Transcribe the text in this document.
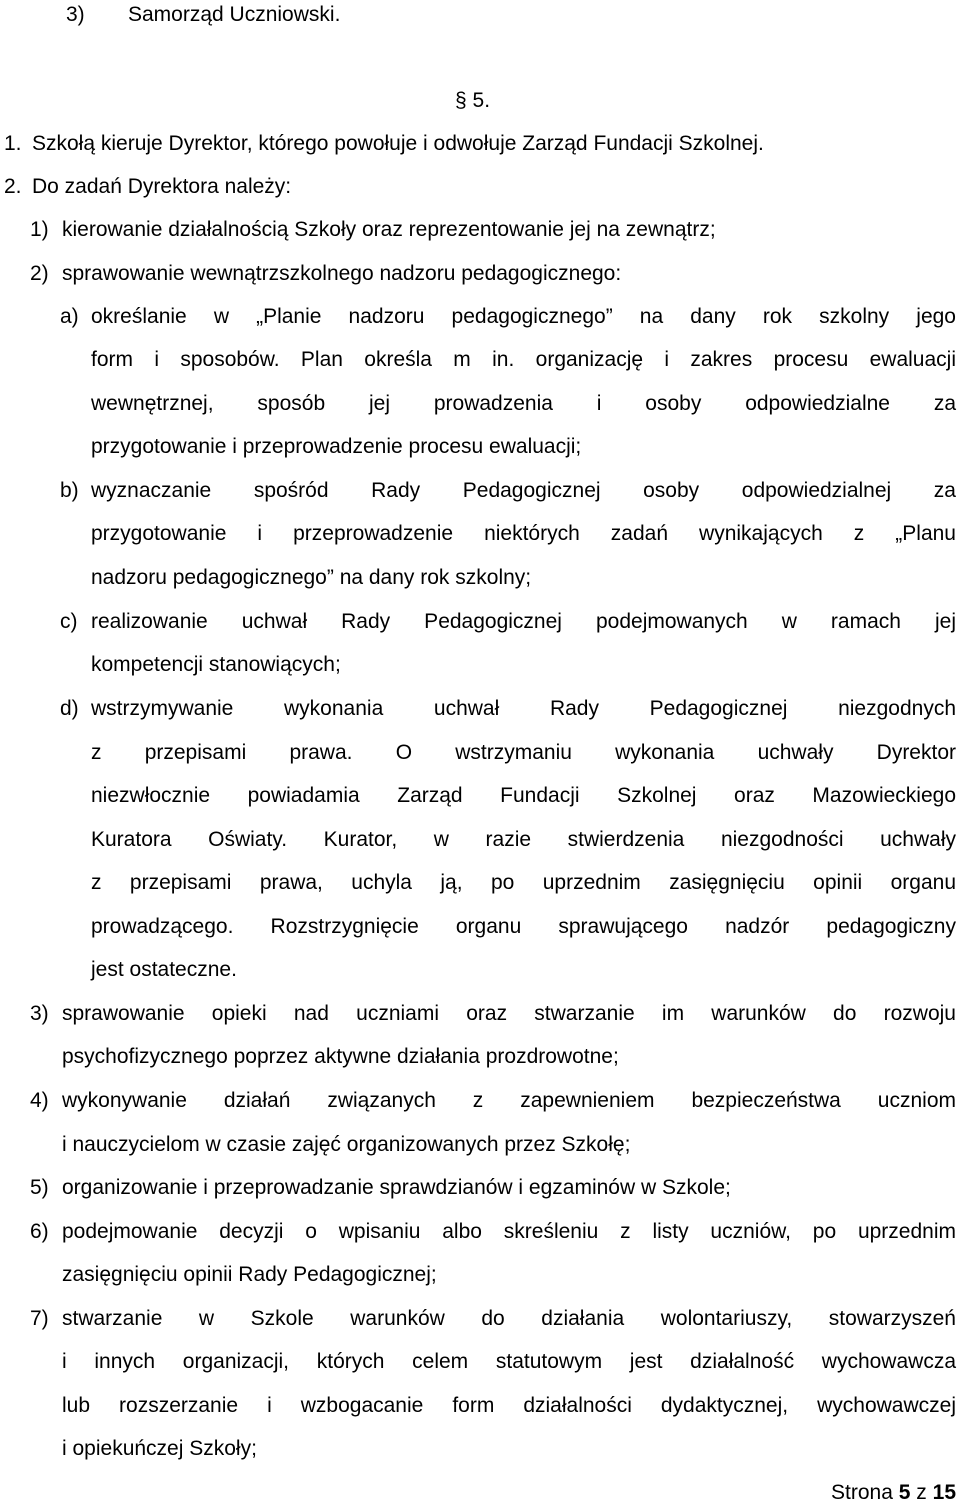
3) Samorząd Uczniowski.
§ 5.
1. Szkołą kieruje Dyrektor, którego powołuje i odwołuje Zarząd Fundacji Szkolnej.
2. Do zadań Dyrektora należy:
1) kierowanie działalnością Szkoły oraz reprezentowanie jej na zewnątrz;
2) sprawowanie wewnątrzszkolnego nadzoru pedagogicznego:
a) określanie w „Planie nadzoru pedagogicznego” na dany rok szkolny jego
form i sposobów. Plan określa m in. organizację i zakres procesu ewaluacji
wewnętrznej, sposób jej prowadzenia i osoby odpowiedzialne za
przygotowanie i przeprowadzenie procesu ewaluacji;
b) wyznaczanie spośród Rady Pedagogicznej osoby odpowiedzialnej za
przygotowanie i przeprowadzenie niektórych zadań wynikających z „Planu
nadzoru pedagogicznego” na dany rok szkolny;
c) realizowanie uchwał Rady Pedagogicznej podejmowanych w ramach jej
kompetencji stanowiących;
d) wstrzymywanie wykonania uchwał Rady Pedagogicznej niezgodnych
z przepisami prawa. O wstrzymaniu wykonania uchwały Dyrektor
niezwłocznie powiadamia Zarząd Fundacji Szkolnej oraz Mazowieckiego
Kuratora Oświaty. Kurator, w razie stwierdzenia niezgodności uchwały
z przepisami prawa, uchyla ją, po uprzednim zasięgnięciu opinii organu
prowadzącego. Rozstrzygnięcie organu sprawującego nadzór pedagogiczny
jest ostateczne.
3) sprawowanie opieki nad uczniami oraz stwarzanie im warunków do rozwoju
psychofizycznego poprzez aktywne działania prozdrowotne;
4) wykonywanie działań związanych z zapewnieniem bezpieczeństwa uczniom
i nauczycielom w czasie zajęć organizowanych przez Szkołę;
5) organizowanie i przeprowadzanie sprawdzianów i egzaminów w Szkole;
6) podejmowanie decyzji o wpisaniu albo skreśleniu z listy uczniów, po uprzednim
zasięgnięciu opinii Rady Pedagogicznej;
7) stwarzanie w Szkole warunków do działania wolontariuszy, stowarzyszeń
i innych organizacji, których celem statutowym jest działalność wychowawcza
lub rozszerzanie i wzbogacanie form działalności dydaktycznej, wychowawczej
i opiekuńczej Szkoły;
Strona 5 z 15
